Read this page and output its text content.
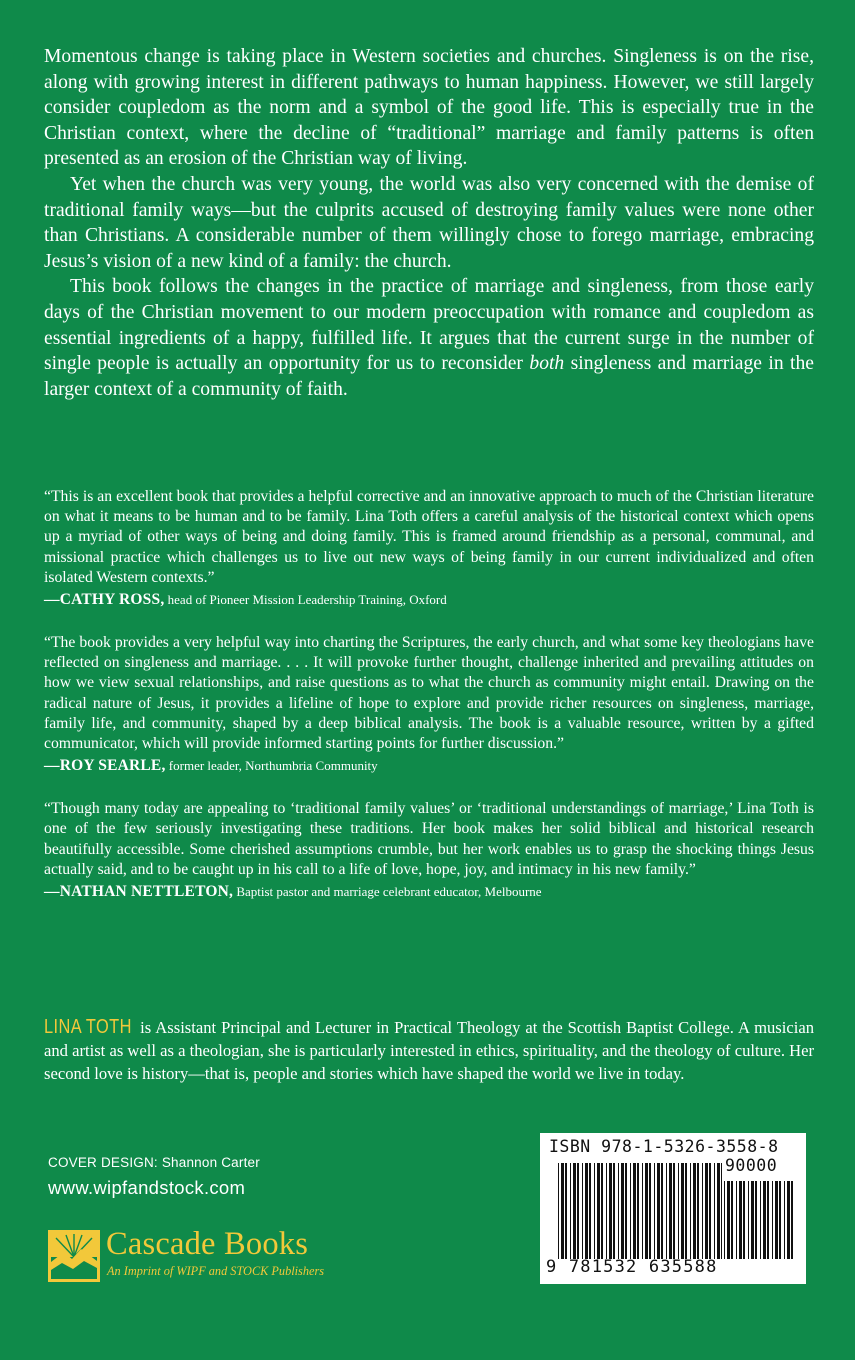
Momentous change is taking place in Western societies and churches. Singleness is on the rise, along with growing interest in different pathways to human happiness. However, we still largely consider coupledom as the norm and a symbol of the good life. This is especially true in the Christian context, where the decline of “traditional” marriage and family patterns is often presented as an erosion of the Christian way of living.

Yet when the church was very young, the world was also very concerned with the demise of traditional family ways—but the culprits accused of destroying family values were none other than Christians. A considerable number of them willingly chose to forego marriage, embracing Jesus’s vision of a new kind of a family: the church.

This book follows the changes in the practice of marriage and singleness, from those early days of the Christian movement to our modern preoccupation with romance and coupledom as essential ingredients of a happy, fulfilled life. It argues that the current surge in the number of single people is actually an opportunity for us to reconsider both singleness and marriage in the larger context of a community of faith.

“This is an excellent book that provides a helpful corrective and an innovative approach to much of the Christian literature on what it means to be human and to be family. Lina Toth offers a careful analysis of the historical context which opens up a myriad of other ways of being and doing family. This is framed around friendship as a personal, communal, and missional practice which challenges us to live out new ways of being family in our current individualized and often isolated Western contexts.”
—CATHY ROSS, head of Pioneer Mission Leadership Training, Oxford
“The book provides a very helpful way into charting the Scriptures, the early church, and what some key theologians have reflected on singleness and marriage. . . . It will provoke further thought, challenge inherited and prevailing attitudes on how we view sexual relationships, and raise questions as to what the church as community might entail. Drawing on the radical nature of Jesus, it provides a lifeline of hope to explore and provide richer resources on singleness, marriage, family life, and community, shaped by a deep biblical analysis. The book is a valuable resource, written by a gifted communicator, which will provide informed starting points for further discussion.”
—ROY SEARLE, former leader, Northumbria Community
“Though many today are appealing to ‘traditional family values’ or ‘traditional understandings of marriage,’ Lina Toth is one of the few seriously investigating these traditions. Her book makes her solid biblical and historical research beautifully accessible. Some cherished assumptions crumble, but her work enables us to grasp the shocking things Jesus actually said, and to be caught up in his call to a life of love, hope, joy, and intimacy in his new family.”
—NATHAN NETTLETON, Baptist pastor and marriage celebrant educator, Melbourne
LINA TOTH is Assistant Principal and Lecturer in Practical Theology at the Scottish Baptist College. A musician and artist as well as a theologian, she is particularly interested in ethics, spirituality, and the theology of culture. Her second love is history—that is, people and stories which have shaped the world we live in today.
COVER DESIGN: Shannon Carter
www.wipfandstock.com
Cascade Books
An Imprint of WIPF and STOCK Publishers
ISBN 978-1-5326-3558-8
90000
9 781532 635588
